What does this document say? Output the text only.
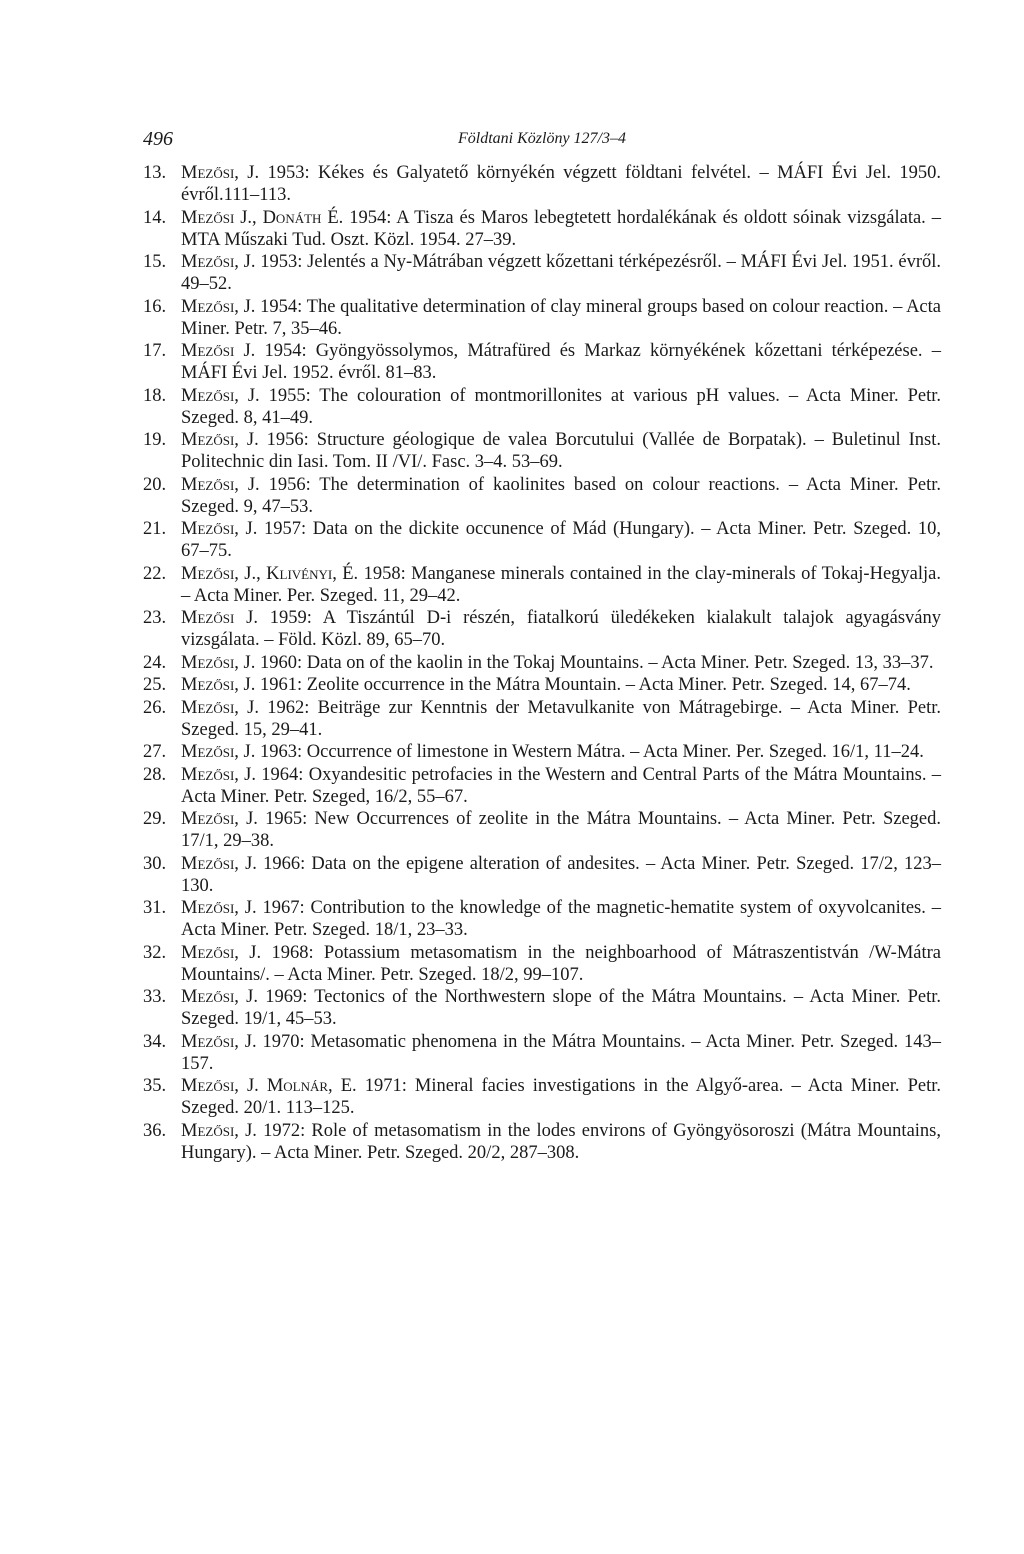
496	Földtani Közlöny 127/3–4
13. Mezősi, J. 1953: Kékes és Galyatető környékén végzett földtani felvétel. – MÁFI Évi Jel. 1950. évről.111–113.
14. Mezősi J., Donáth É. 1954: A Tisza és Maros lebegtetett hordalékának és oldott sóinak vizsgálata. – MTA Műszaki Tud. Oszt. Közl. 1954. 27–39.
15. Mezősi, J. 1953: Jelentés a Ny-Mátrában végzett kőzettani térképezésről. – MÁFI Évi Jel. 1951. évről. 49–52.
16. Mezősi, J. 1954: The qualitative determination of clay mineral groups based on colour reaction. – Acta Miner. Petr. 7, 35–46.
17. Mezősi J. 1954: Gyöngyössolymos, Mátrafüred és Markaz környékének kőzettani térképezése. – MÁFI Évi Jel. 1952. évről. 81–83.
18. Mezősi, J. 1955: The colouration of montmorillonites at various pH values. – Acta Miner. Petr. Szeged. 8, 41–49.
19. Mezősi, J. 1956: Structure géologique de valea Borcutului (Vallée de Borpatak). – Buletinul Inst. Politechnic din Iasi. Tom. II /VI/. Fasc. 3–4. 53–69.
20. Mezősi, J. 1956: The determination of kaolinites based on colour reactions. – Acta Miner. Petr. Szeged. 9, 47–53.
21. Mezősi, J. 1957: Data on the dickite occunence of Mád (Hungary). – Acta Miner. Petr. Szeged. 10, 67–75.
22. Mezősi, J., Klivényi, É. 1958: Manganese minerals contained in the clay-minerals of Tokaj-Hegyalja. – Acta Miner. Per. Szeged. 11, 29–42.
23. Mezősi J. 1959: A Tiszántúl D-i részén, fiatalkorú üledékeken kialakult talajok agyagásvány vizsgálata. – Föld. Közl. 89, 65–70.
24. Mezősi, J. 1960: Data on of the kaolin in the Tokaj Mountains. – Acta Miner. Petr. Szeged. 13, 33–37.
25. Mezősi, J. 1961: Zeolite occurrence in the Mátra Mountain. – Acta Miner. Petr. Szeged. 14, 67–74.
26. Mezősi, J. 1962: Beiträge zur Kenntnis der Metavulkanite von Mátragebirge. – Acta Miner. Petr. Szeged. 15, 29–41.
27. Mezősi, J. 1963: Occurrence of limestone in Western Mátra. – Acta Miner. Per. Szeged. 16/1, 11–24.
28. Mezősi, J. 1964: Oxyandesitic petrofacies in the Western and Central Parts of the Mátra Mountains. – Acta Miner. Petr. Szeged, 16/2, 55–67.
29. Mezősi, J. 1965: New Occurrences of zeolite in the Mátra Mountains. – Acta Miner. Petr. Szeged. 17/1, 29–38.
30. Mezősi, J. 1966: Data on the epigene alteration of andesites. – Acta Miner. Petr. Szeged. 17/2, 123–130.
31. Mezősi, J. 1967: Contribution to the knowledge of the magnetic-hematite system of oxyvolcanites. – Acta Miner. Petr. Szeged. 18/1, 23–33.
32. Mezősi, J. 1968: Potassium metasomatism in the neighboarhood of Mátraszentistván /W-Mátra Mountains/. – Acta Miner. Petr. Szeged. 18/2, 99–107.
33. Mezősi, J. 1969: Tectonics of the Northwestern slope of the Mátra Mountains. – Acta Miner. Petr. Szeged. 19/1, 45–53.
34. Mezősi, J. 1970: Metasomatic phenomena in the Mátra Mountains. – Acta Miner. Petr. Szeged. 143–157.
35. Mezősi, J. Molnár, E. 1971: Mineral facies investigations in the Algyő-area. – Acta Miner. Petr. Szeged. 20/1. 113–125.
36. Mezősi, J. 1972: Role of metasomatism in the lodes environs of Gyöngyösoroszi (Mátra Mountains, Hungary). – Acta Miner. Petr. Szeged. 20/2, 287–308.
